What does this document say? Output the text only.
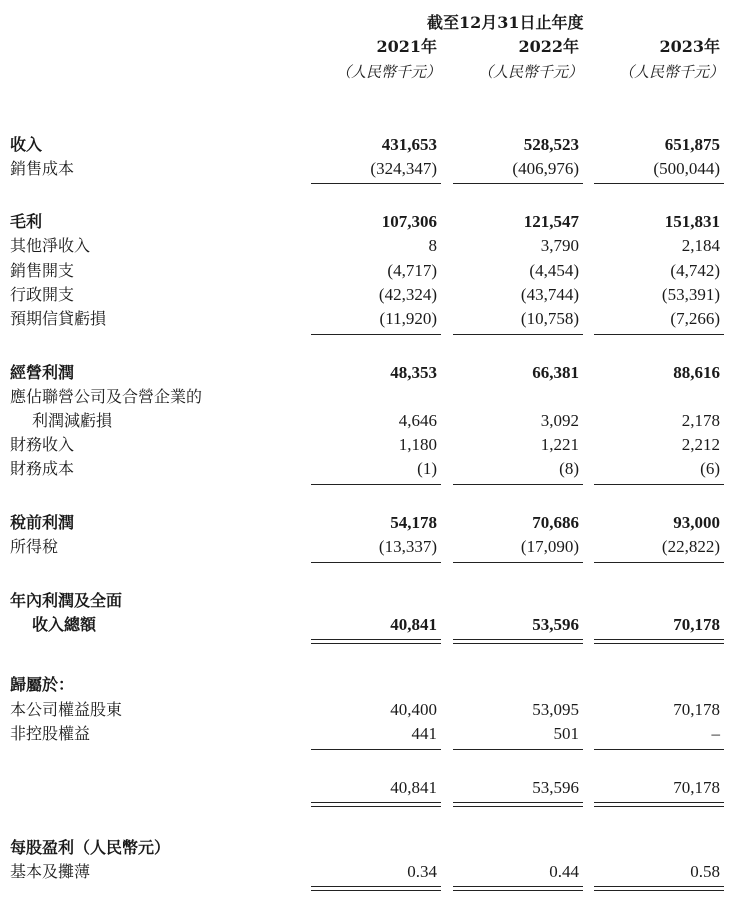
截至12月31日止年度
2021年	2022年	2023年
（人民幣千元） （人民幣千元） （人民幣千元）
收入	431,653	528,523	651,875
銷售成本	(324,347)	(406,976)	(500,044)
毛利	107,306	121,547	151,831
其他淨收入	8	3,790	2,184
銷售開支	(4,717)	(4,454)	(4,742)
行政開支	(42,324)	(43,744)	(53,391)
預期信貸虧損	(11,920)	(10,758)	(7,266)
經營利潤	48,353	66,381	88,616
應佔聯營公司及合營企業的
利潤減虧損	4,646	3,092	2,178
財務收入	1,180	1,221	2,212
財務成本	(1)	(8)	(6)
稅前利潤	54,178	70,686	93,000
所得稅	(13,337)	(17,090)	(22,822)
年內利潤及全面
收入總額	40,841	53,596	70,178
歸屬於：
本公司權益股東	40,400	53,095	70,178
非控股權益	441	501	–
40,841	53,596	70,178
每股盈利（人民幣元）
基本及攤薄	0.34	0.44	0.58
